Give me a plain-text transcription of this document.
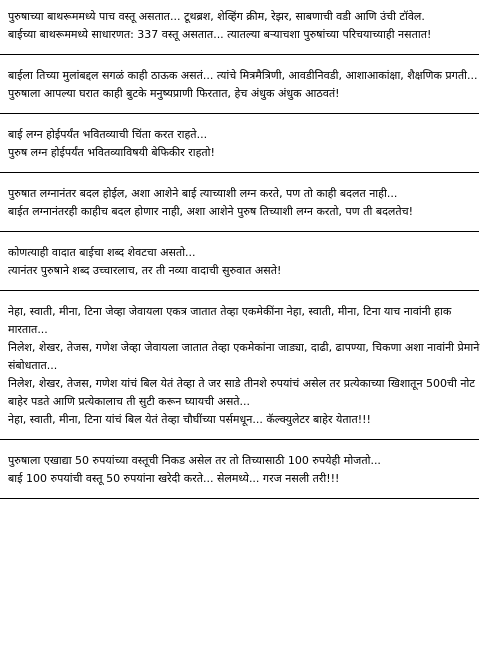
पुरुषाच्या बाथरूममध्ये पाच वस्तू असतात... टूथब्रश, शेव्हिंग क्रीम, रेझर, साबणाची वडी आणि उंची टॉवेल.
बाईच्या बाथरूममध्ये साधारणत: 337 वस्तू असतात... त्यातल्या बऱ्याचशा पुरुषांच्या परिचयाच्याही नसतात!
बाईला तिच्या मुलांबद्दल सगळं काही ठाऊक असतं... त्यांचे मित्रमैत्रिणी, आवडीनिवडी, आशाआकांक्षा, शैक्षणिक प्रगती...
पुरुषाला आपल्या घरात काही बुटके मनुष्यप्राणी फिरतात, हेच अंधुक अंधुक आठवतं!
बाई लग्न होईपर्यंत भवितव्याची चिंता करत राहते...
पुरुष लग्न होईपर्यंत भवितव्याविषयी बेफिकीर राहतो!
पुरुषात लग्नानंतर बदल होईल, अशा आशेने बाई त्याच्याशी लग्न करते, पण तो काही बदलत नाही...
बाईत लग्नानंतरही काहीच बदल होणार नाही, अशा आशेने पुरुष तिच्याशी लग्न करतो, पण ती बदलतेच!
कोणत्याही वादात बाईचा शब्द शेवटचा असतो...
त्यानंतर पुरुषाने शब्द उच्चारलाच, तर ती नव्या वादाची सुरुवात असते!
नेहा, स्वाती, मीना, टिना जेव्हा जेवायला एकत्र जातात तेव्हा एकमेकींना नेहा, स्वाती, मीना, टिना याच नावांनी हाक मारतात...
निलेश, शेखर, तेजस, गणेश जेव्हा जेवायला जातात तेव्हा एकमेकांना जाड्या, दाढी, ढापण्या, चिकणा अशा नावांनी प्रेमाने संबोधतात...
निलेश, शेखर, तेजस, गणेश यांचं बिल येतं तेव्हा ते जर साडे तीनशे रुपयांचं असेल तर प्रत्येकाच्या खिशातून 500ची नोट बाहेर पडते आणि प्रत्येकालाच ती सुटी करून घ्यायची असते...
नेहा, स्वाती, मीना, टिना यांचं बिल येतं तेव्हा चौघींच्या पर्समधून... कॅल्क्युलेटर बाहेर येतात!!!
पुरुषाला एखाद्या 50 रुपयांच्या वस्तूची निकड असेल तर तो तिच्यासाठी 100 रुपयेही मोजतो...
बाई 100 रुपयांची वस्तू 50 रुपयांना खरेदी करते... सेलमध्ये... गरज नसली तरी!!!
